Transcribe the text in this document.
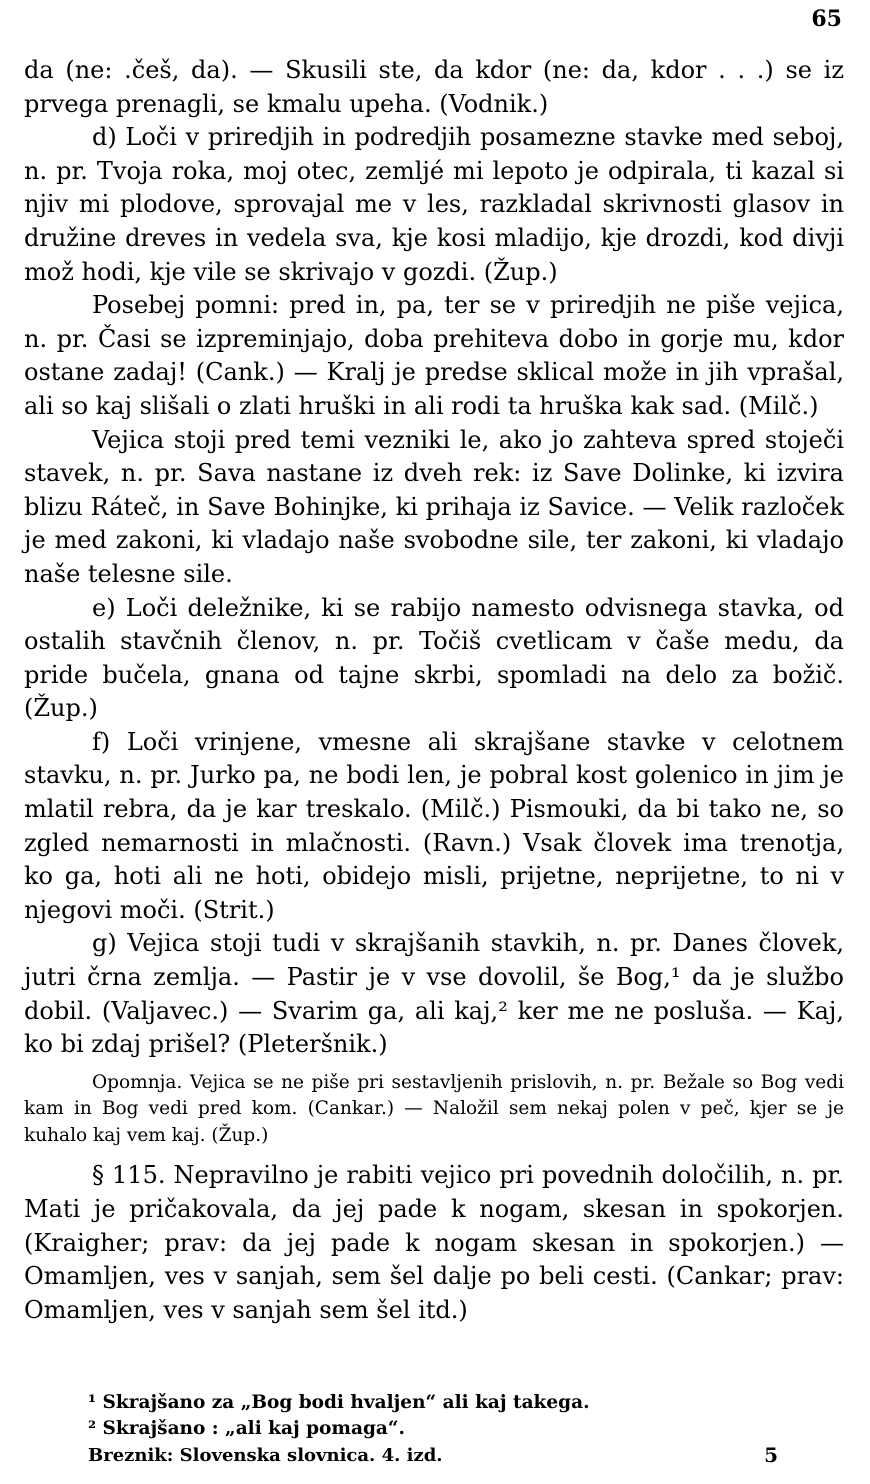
65

da (ne: .češ, da). — Skusili ste, da kdor (ne: da, kdor . . .) se iz prvega prenagli, se kmalu upeha. (Vodnik.)

d) Loči v priredjih in podredjih posamezne stavke med seboj, n. pr. Tvoja roka, moj otec, zemljé mi lepoto je odpirala, ti kazal si njiv mi plodove, sprovajal me v les, razkladal skrivnosti glasov in družine dreves in vedela sva, kje kosi mladijo, kje drozdi, kod divji mož hodi, kje vile se skrivajo v gozdi. (Žup.)

Posebej pomni: pred in, pa, ter se v priredjih ne piše vejica, n. pr. Časi se izpreminjajo, doba prehiteva dobo in gorje mu, kdor ostane zadaj! (Cank.) — Kralj je predse sklical može in jih vprašal, ali so kaj slišali o zlati hruški in ali rodi ta hruška kak sad. (Milč.)

Vejica stoji pred temi vezniki le, ako jo zahteva spred stoječi stavek, n. pr. Sava nastane iz dveh rek: iz Save Dolinke, ki izvira blizu Ráteč, in Save Bohinjke, ki prihaja iz Savice. — Velik razloček je med zakoni, ki vladajo naše svobodne sile, ter zakoni, ki vladajo naše telesne sile.

e) Loči deležnike, ki se rabijo namesto odvisnega stavka, od ostalih stavčnih členov, n. pr. Točiš cvetlicam v čaše medu, da pride bučela, gnana od tajne skrbi, spomladi na delo za božič. (Žup.)

f) Loči vrinjene, vmesne ali skrajšane stavke v celotnem stavku, n. pr. Jurko pa, ne bodi len, je pobral kost golenico in jim je mlatil rebra, da je kar treskalo. (Milč.) Pismouki, da bi tako ne, so zgled nemarnosti in mlačnosti. (Ravn.) Vsak človek ima trenotja, ko ga, hoti ali ne hoti, obidejo misli, prijetne, neprijetne, to ni v njegovi moči. (Strit.)

g) Vejica stoji tudi v skrajšanih stavkih, n. pr. Danes človek, jutri črna zemlja. — Pastir je v vse dovolil, še Bog,¹ da je službo dobil. (Valjavec.) — Svarim ga, ali kaj,² ker me ne posluša. — Kaj, ko bi zdaj prišel? (Pleteršnik.)

Opomnja. Vejica se ne piše pri sestavljenih prislovih, n. pr. Bežale so Bog vedi kam in Bog vedi pred kom. (Cankar.) — Naložil sem nekaj polen v peč, kjer se je kuhalo kaj vem kaj. (Žup.)

§ 115. Nepravilno je rabiti vejico pri povednih določilih, n. pr. Mati je pričakovala, da jej pade k nogam, skesan in spokorjen. (Kraigher; prav: da jej pade k nogam skesan in spokorjen.) — Omamljen, ves v sanjah, sem šel dalje po beli cesti. (Cankar; prav: Omamljen, ves v sanjah sem šel itd.)

¹ Skrajšano za „Bog bodi hvaljen“ ali kaj takega.
² Skrajšano : „ali kaj pomaga“.
Breznik: Slovenska slovnica. 4. izd.	5
